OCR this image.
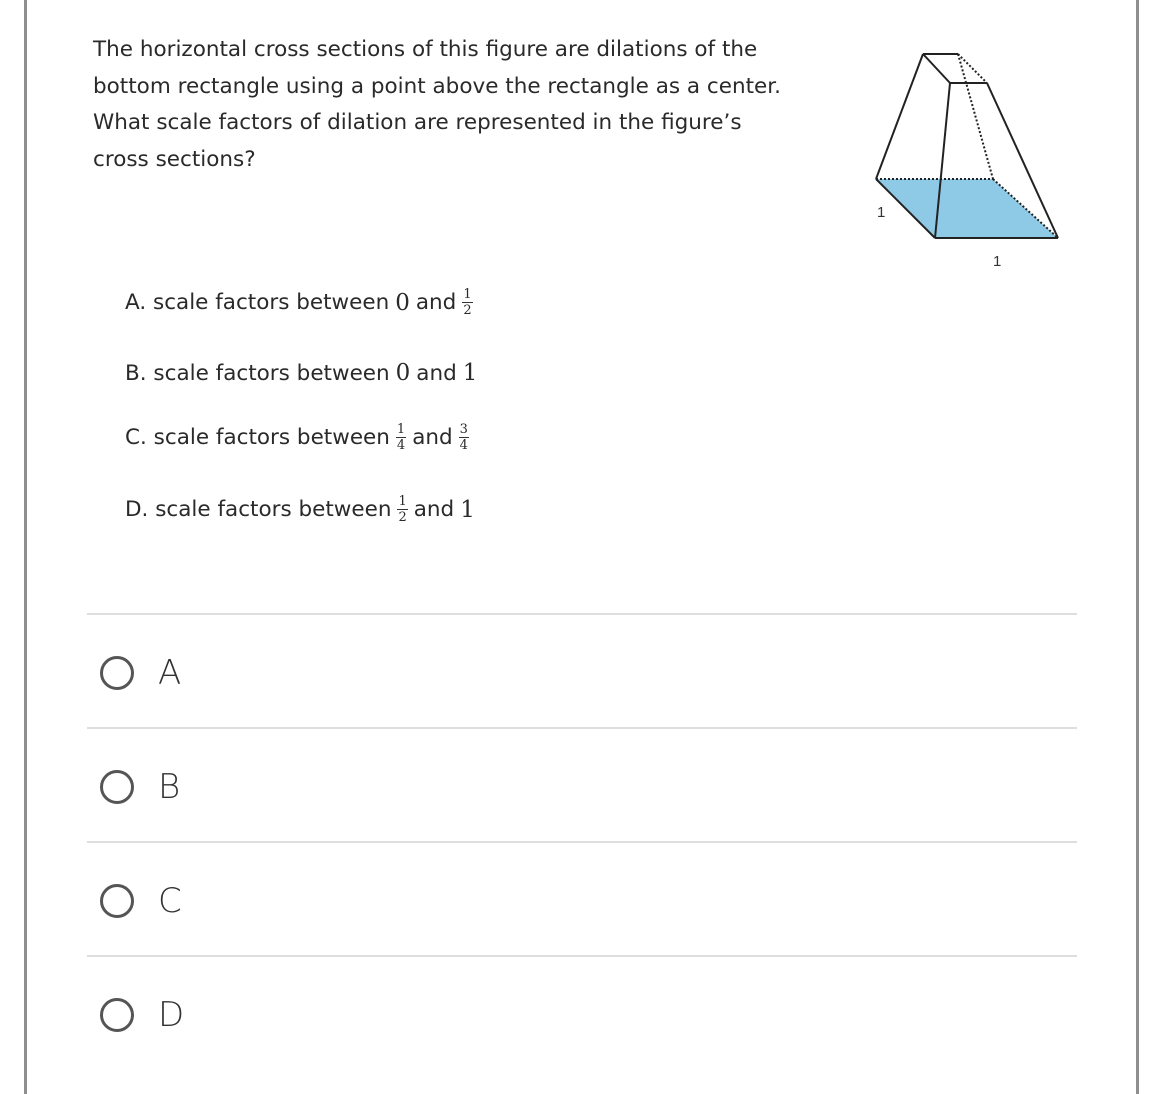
The horizontal cross sections of this figure are dilations of the
bottom rectangle using a point above the rectangle as a center.
What scale factors of dilation are represented in the figure’s
cross sections?
1
1
A. scale factors between 0 and $\frac{1}{2}$
B. scale factors between 0 and 1
C. scale factors between $\frac{1}{4}$ and $\frac{3}{4}$
D. scale factors between $\frac{1}{2}$ and 1
A
B
C
D
